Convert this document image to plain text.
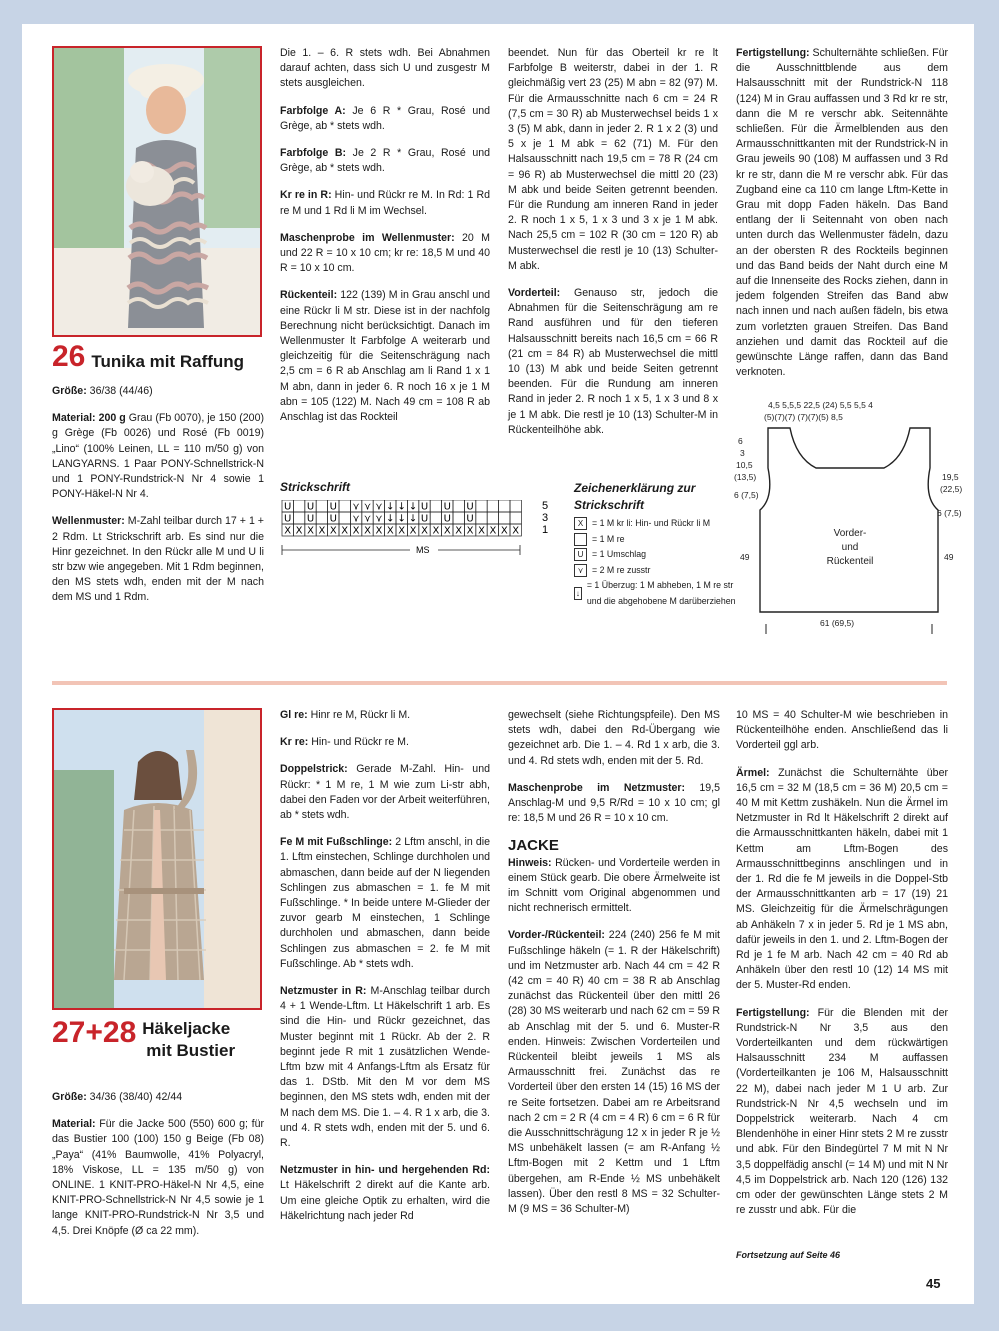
26 Tunika mit Raffung

Größe: 36/38 (44/46)

Material: 200 g Grau (Fb 0070), je 150 (200) g Grège (Fb 0026) und Rosé (Fb 0019) „Lino“ (100% Leinen, LL = 110 m/50 g) von LANGYARNS. 1 Paar PONY-Schnellstrick-N und 1 PONY-Rundstrick-N Nr 4 sowie 1 PONY-Häkel-N Nr 4.

Wellenmuster: M-Zahl teilbar durch 17 + 1 + 2 Rdm. Lt Strickschrift arb. Es sind nur die Hinr gezeichnet. In den Rückr alle M und U li str bzw wie angegeben. Mit 1 Rdm beginnen, den MS stets wdh, enden mit der M nach dem MS und 1 Rdm.

Die 1. – 6. R stets wdh. Bei Abnahmen darauf achten, dass sich U und zusgestr M stets ausgleichen.

Farbfolge A: Je 6 R * Grau, Rosé und Grège, ab * stets wdh.

Farbfolge B: Je 2 R * Grau, Rosé und Grège, ab * stets wdh.

Kr re in R: Hin- und Rückr re M. In Rd: 1 Rd re M und 1 Rd li M im Wechsel.

Maschenprobe im Wellenmuster: 20 M und 22 R = 10 x 10 cm; kr re: 18,5 M und 40 R = 10 x 10 cm.

Rückenteil: 122 (139) M in Grau anschl und eine Rückr li M str. Diese ist in der nachfolg Berechnung nicht berücksichtigt. Danach im Wellenmuster lt Farbfolge A weiterarb und gleichzeitig für die Seitenschrägung nach 2,5 cm = 6 R ab Anschlag am li Rand 1 x 1 M abn, dann in jeder 6. R noch 16 x je 1 M abn = 105 (122) M. Nach 49 cm = 108 R ab Anschlag ist das Rockteil

beendet. Nun für das Oberteil kr re lt Farbfolge B weiterstr, dabei in der 1. R gleichmäßig vert 23 (25) M abn = 82 (97) M. Für die Armausschnitte nach 6 cm = 24 R (7,5 cm = 30 R) ab Musterwechsel beids 1 x 3 (5) M abk, dann in jeder 2. R 1 x 2 (3) und 5 x je 1 M abk = 62 (71) M. Für den Halsausschnitt nach 19,5 cm = 78 R (24 cm = 96 R) ab Musterwechsel die mittl 20 (23) M abk und beide Seiten getrennt beenden. Für die Rundung am inneren Rand in jeder 2. R noch 1 x 5, 1 x 3 und 3 x je 1 M abk. Nach 25,5 cm = 102 R (30 cm = 120 R) ab Musterwechsel die restl je 10 (13) Schulter-M abk.

Vorderteil: Genauso str, jedoch die Abnahmen für die Seitenschrägung am re Rand ausführen und für den tieferen Halsausschnitt bereits nach 16,5 cm = 66 R (21 cm = 84 R) ab Musterwechsel die mittl 10 (13) M abk und beide Seiten getrennt beenden. Für die Rundung am inneren Rand in jeder 2. R noch 1 x 5, 1 x 3 und 8 x je 1 M abk. Die restl je 10 (13) Schulter-M in Rückenteilhöhe abk.

Fertigstellung: Schulternähte schließen. Für die Ausschnittblende aus dem Halsausschnitt mit der Rundstrick-N 118 (124) M in Grau auffassen und 3 Rd kr re str, dann die M re verschr abk. Seitennähte schließen. Für die Ärmelblenden aus den Armausschnittkanten mit der Rundstrick-N in Grau jeweils 90 (108) M auffassen und 3 Rd kr re str, dann die M re verschr abk. Für das Zugband eine ca 110 cm lange Lftm-Kette in Grau mit dopp Faden häkeln. Das Band entlang der li Seitennaht von oben nach unten durch das Wellenmuster fädeln, dazu an der obersten R des Rockteils beginnen und das Band beids der Naht durch eine M auf die Innenseite des Rocks ziehen, dann in jedem folgenden Streifen das Band abw nach innen und nach außen fädeln, bis etwa zum vorletzten grauen Streifen. Das Band anziehen und damit das Rockteil auf die gewünschte Länge raffen, dann das Band verknoten.

Strickschrift
U U U ⋎ ⋎ ⋎ ↓ ↓ ↓ U U U
U U U ⋎ ⋎ ⋎ ↓ ↓ ↓ U U U
X X X X X X X X X X X X X X X X X X X X X
MS
5
3
1
Zeichenerklärung zur Strickschrift
X	= 1 M kr li: Hin- und Rückr li M
= 1 M re
U = 1 Umschlag
⋎ = 2 M re zusstr
↓
= 1 Überzug: 1 M abheben, 1 M re str und die abgehobene M darüberziehen
4,5 5,5,5 22,5 (24) 5,5 5,5 4
(5)(7)(7) (7)(7)(5) 8,5
6
3
10,5
(13,5)
6 (7,5)
49
19,5
(22,5)
6 (7,5)
49
61 (69,5)
Vorder-
und
Rückenteil
27+28 Häkeljacke
mit Bustier

Größe: 34/36 (38/40) 42/44

Material: Für die Jacke 500 (550) 600 g; für das Bustier 100 (100) 150 g Beige (Fb 08) „Paya“ (41% Baumwolle, 41% Polyacryl, 18% Viskose, LL = 135 m/50 g) von ONLINE. 1 KNIT-PRO-Häkel-N Nr 4,5, eine KNIT-PRO-Schnellstrick-N Nr 4,5 sowie je 1 lange KNIT-PRO-Rundstrick-N Nr 3,5 und 4,5. Drei Knöpfe (Ø ca 22 mm).

Gl re: Hinr re M, Rückr li M.

Kr re: Hin- und Rückr re M.

Doppelstrick: Gerade M-Zahl. Hin- und Rückr: * 1 M re, 1 M wie zum Li-str abh, dabei den Faden vor der Arbeit weiterführen, ab * stets wdh.

Fe M mit Fußschlinge: 2 Lftm anschl, in die 1. Lftm einstechen, Schlinge durchholen und abmaschen, dann beide auf der N liegenden Schlingen zus abmaschen = 1. fe M mit Fußschlinge. * In beide untere M-Glieder der zuvor gearb M einstechen, 1 Schlinge durchholen und abmaschen, dann beide Schlingen zus abmaschen = 2. fe M mit Fußschlinge. Ab * stets wdh.

Netzmuster in R: M-Anschlag teilbar durch 4 + 1 Wende-Lftm. Lt Häkelschrift 1 arb. Es sind die Hin- und Rückr gezeichnet, das Muster beginnt mit 1 Rückr. Ab der 2. R beginnt jede R mit 1 zusätzlichen Wende-Lftm bzw mit 4 Anfangs-Lftm als Ersatz für das 1. DStb. Mit den M vor dem MS beginnen, den MS stets wdh, enden mit der M nach dem MS. Die 1. – 4. R 1 x arb, die 3. und 4. R stets wdh, enden mit der 5. und 6. R.

Netzmuster in hin- und hergehenden Rd: Lt Häkelschrift 2 direkt auf die Kante arb. Um eine gleiche Optik zu erhalten, wird die Häkelrichtung nach jeder Rd

gewechselt (siehe Richtungspfeile). Den MS stets wdh, dabei den Rd-Übergang wie gezeichnet arb. Die 1. – 4. Rd 1 x arb, die 3. und 4. Rd stets wdh, enden mit der 5. Rd.

Maschenprobe im Netzmuster: 19,5 Anschlag-M und 9,5 R/Rd = 10 x 10 cm; gl re: 18,5 M und 26 R = 10 x 10 cm.

JACKE

Hinweis: Rücken- und Vorderteile werden in einem Stück gearb. Die obere Ärmelweite ist im Schnitt vom Original abgenommen und nicht rechnerisch ermittelt.

Vorder-/Rückenteil: 224 (240) 256 fe M mit Fußschlinge häkeln (= 1. R der Häkelschrift) und im Netzmuster arb. Nach 44 cm = 42 R (42 cm = 40 R) 40 cm = 38 R ab Anschlag zunächst das Rückenteil über den mittl 26 (28) 30 MS weiterarb und nach 62 cm = 59 R ab Anschlag mit der 5. und 6. Muster-R enden. Hinweis: Zwischen Vorderteilen und Rückenteil bleibt jeweils 1 MS als Armausschnitt frei. Zunächst das re Vorderteil über den ersten 14 (15) 16 MS der re Seite fortsetzen. Dabei am re Arbeitsrand nach 2 cm = 2 R (4 cm = 4 R) 6 cm = 6 R für die Ausschnittschrägung 12 x in jeder R je ½ MS unbehäkelt lassen (= am R-Anfang ½ Lftm-Bogen mit 2 Kettm und 1 Lftm übergehen, am R-Ende ½ MS unbehäkelt lassen). Über den restl 8 MS = 32 Schulter-M (9 MS = 36 Schulter-M)

10 MS = 40 Schulter-M wie beschrieben in Rückenteilhöhe enden. Anschließend das li Vorderteil ggl arb.

Ärmel: Zunächst die Schulternähte über 16,5 cm = 32 M (18,5 cm = 36 M) 20,5 cm = 40 M mit Kettm zushäkeln. Nun die Ärmel im Netzmuster in Rd lt Häkelschrift 2 direkt auf die Armausschnittkanten häkeln, dabei mit 1 Kettm am Lftm-Bogen des Armausschnittbeginns anschlingen und in der 1. Rd die fe M jeweils in die Doppel-Stb der Armausschnittkanten arb = 17 (19) 21 MS. Gleichzeitig für die Ärmelschrägungen ab Anhäkeln 7 x in jeder 5. Rd je 1 MS abn, dafür jeweils in den 1. und 2. Lftm-Bogen der Rd je 1 fe M arb. Nach 42 cm = 40 Rd ab Anhäkeln über den restl 10 (12) 14 MS mit der 5. Muster-Rd enden.

Fertigstellung: Für die Blenden mit der Rundstrick-N Nr 3,5 aus den Vorderteilkanten und dem rückwärtigen Halsausschnitt 234 M auffassen (Vorderteilkanten je 106 M, Halsausschnitt 22 M), dabei nach jeder M 1 U arb. Zur Rundstrick-N Nr 4,5 wechseln und im Doppelstrick weiterarb. Nach 4 cm Blendenhöhe in einer Hinr stets 2 M re zusstr und abk. Für den Bindegürtel 7 M mit N Nr 3,5 doppelfädig anschl (= 14 M) und mit N Nr 4,5 im Doppelstrick arb. Nach 120 (126) 132 cm oder der gewünschten Länge stets 2 M re zusstr und abk. Für die

Fortsetzung auf Seite 46
45
